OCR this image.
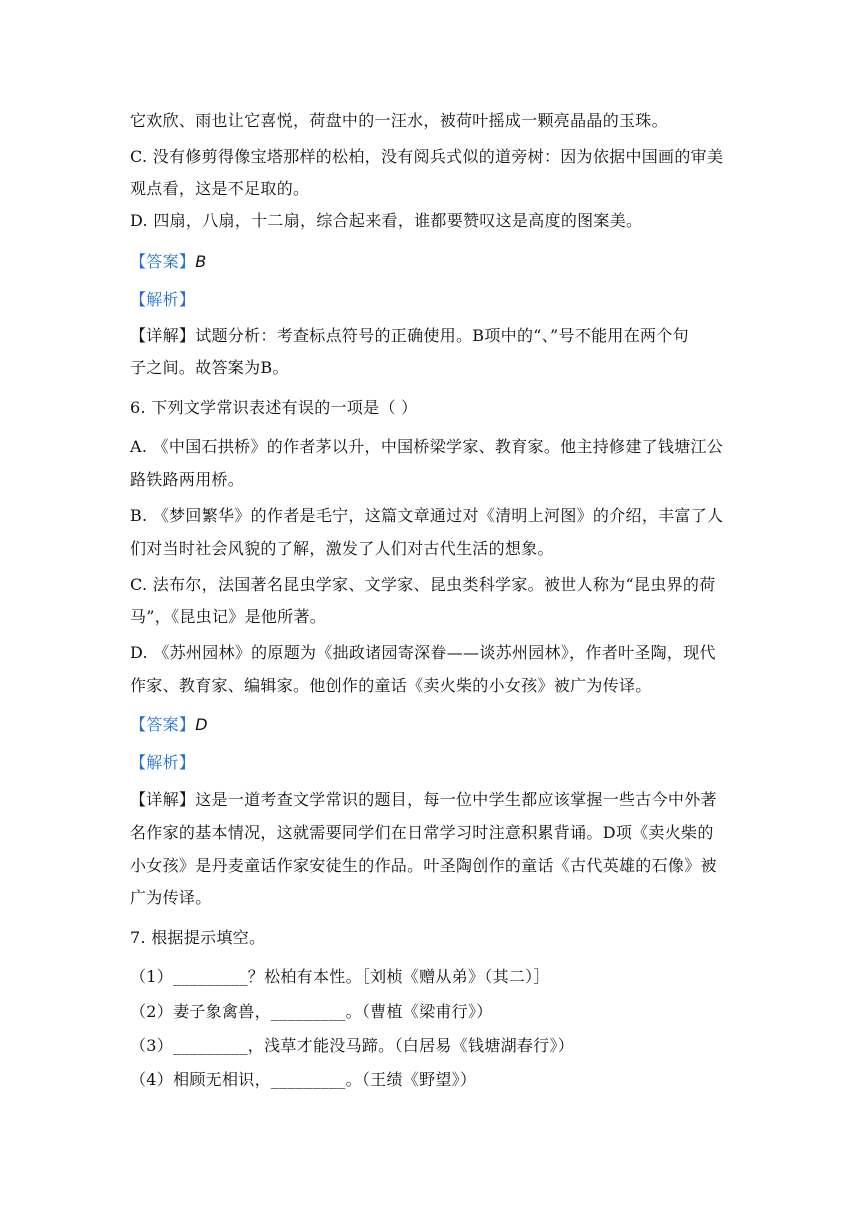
它欢欣、雨也让它喜悦，荷盘中的一汪水，被荷叶摇成一颗亮晶晶的玉珠。
C. 没有修剪得像宝塔那样的松柏，没有阅兵式似的道旁树：因为依据中国画的审美
观点看，这是不足取的。
D. 四扇，八扇，十二扇，综合起来看，谁都要赞叹这是高度的图案美。
【答案】B
【解析】
【详解】试题分析：考查标点符号的正确使用。B项中的“、”号不能用在两个句
子之间。故答案为B。
6. 下列文学常识表述有误的一项是（ ）
A. 《中国石拱桥》的作者茅以升，中国桥梁学家、教育家。他主持修建了钱塘江公
路铁路两用桥。
B. 《梦回繁华》的作者是毛宁，这篇文章通过对《清明上河图》的介绍，丰富了人
们对当时社会风貌的了解，激发了人们对古代生活的想象。
C. 法布尔，法国著名昆虫学家、文学家、昆虫类科学家。被世人称为“昆虫界的荷
马”，《昆虫记》是他所著。
D. 《苏州园林》的原题为《拙政诸园寄深眷——谈苏州园林》，作者叶圣陶，现代
作家、教育家、编辑家。他创作的童话《卖火柴的小女孩》被广为传译。
【答案】D
【解析】
【详解】这是一道考查文学常识的题目，每一位中学生都应该掌握一些古今中外著
名作家的基本情况，这就需要同学们在日常学习时注意积累背诵。D项《卖火柴的
小女孩》是丹麦童话作家安徒生的作品。叶圣陶创作的童话《古代英雄的石像》被
广为传译。
7. 根据提示填空。
（1）_________？松柏有本性。［刘桢《赠从弟》（其二）］
（2）妻子象禽兽，_________。（曹植《梁甫行》）
（3）_________，浅草才能没马蹄。（白居易《钱塘湖春行》）
（4）相顾无相识，_________。（王绩《野望》）
